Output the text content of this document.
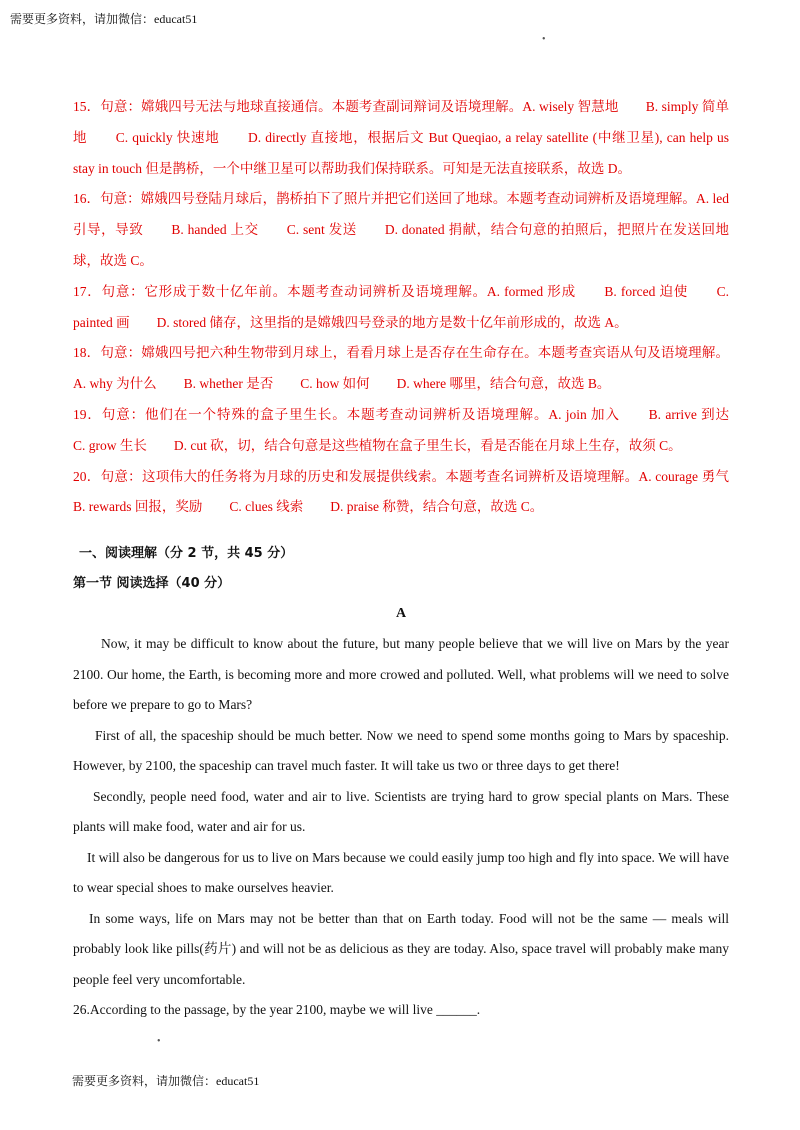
需要更多资料，请加微信：educat51
•

15．句意：嫦娥四号无法与地球直接通信。本题考查副词辩词及语境理解。A. wisely 智慧地　　B. simply 简单地　　C. quickly 快速地　　D. directly 直接地，根据后文 But Queqiao, a relay satellite (中继卫星), can help us stay in touch 但是鹊桥，一个中继卫星可以帮助我们保持联系。可知是无法直接联系，故选 D。

16．句意：嫦娥四号登陆月球后，鹊桥拍下了照片并把它们送回了地球。本题考查动词辨析及语境理解。A. led 引导，导致　　B. handed 上交　　C. sent 发送　　D. donated 捐献，结合句意的拍照后，把照片在发送回地球，故选 C。

17．句意：它形成于数十亿年前。本题考查动词辨析及语境理解。A. formed 形成　　B. forced 迫使　　C. painted 画　　D. stored 储存，这里指的是嫦娥四号登录的地方是数十亿年前形成的，故选 A。

18．句意：嫦娥四号把六种生物带到月球上，看看月球上是否存在生命存在。本题考查宾语从句及语境理解。A. why 为什么　　B. whether 是否　　C. how 如何　　D. where 哪里，结合句意，故选 B。

19．句意：他们在一个特殊的盒子里生长。本题考查动词辨析及语境理解。A. join 加入　　B. arrive 到达　　C. grow 生长　　D. cut 砍，切，结合句意是这些植物在盒子里生长，看是否能在月球上生存，故须 C。

20．句意：这项伟大的任务将为月球的历史和发展提供线索。本题考查名词辨析及语境理解。A. courage 勇气　　B. rewards 回报，奖励　　C. clues 线索　　D. praise 称赞，结合句意，故选 C。

一、阅读理解（分 2 节，共 45 分）

第一节 阅读选择（40 分）

A

Now, it may be difficult to know about the future, but many people believe that we will live on Mars by the year 2100. Our home, the Earth, is becoming more and more crowed and polluted. Well, what problems will we need to solve before we prepare to go to Mars?

First of all, the spaceship should be much better. Now we need to spend some months going to Mars by spaceship. However, by 2100, the spaceship can travel much faster. It will take us two or three days to get there!

Secondly, people need food, water and air to live. Scientists are trying hard to grow special plants on Mars. These plants will make food, water and air for us.

It will also be dangerous for us to live on Mars because we could easily jump too high and fly into space. We will have to wear special shoes to make ourselves heavier.

In some ways, life on Mars may not be better than that on Earth today. Food will not be the same — meals will probably look like pills(药片) and will not be as delicious as they are today. Also, space travel will probably make many people feel very uncomfortable.

26.According to the passage, by the year 2100, maybe we will live ______.

•
需要更多资料，请加微信：educat51
